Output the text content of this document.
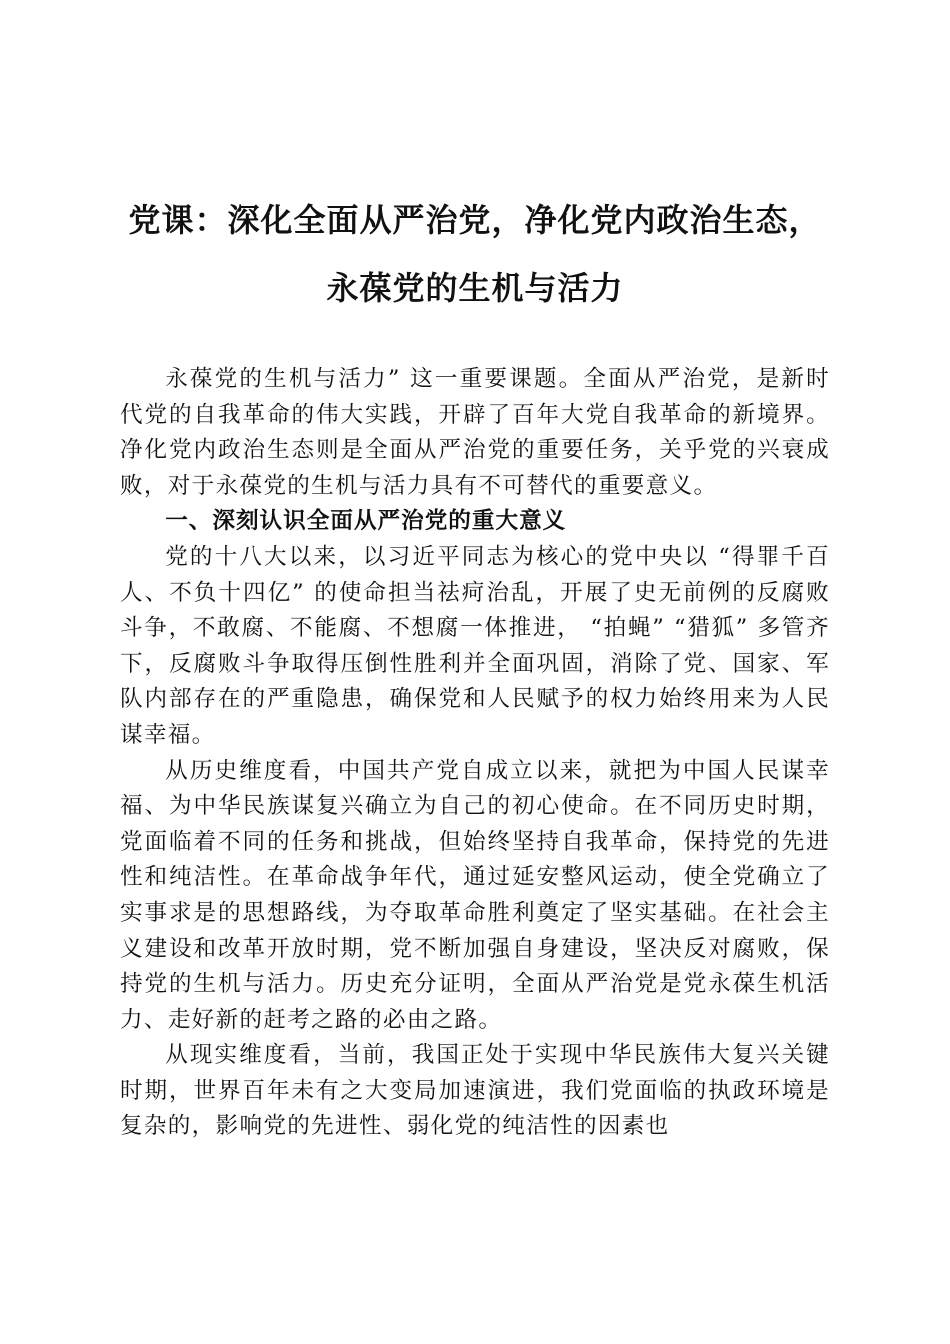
党课：深化全面从严治党，净化党内政治生态，
永葆党的生机与活力

永葆党的生机与活力” 这一重要课题。全面从严治党，是新时代党的自我革命的伟大实践，开辟了百年大党自我革命的新境界。净化党内政治生态则是全面从严治党的重要任务，关乎党的兴衰成败，对于永葆党的生机与活力具有不可替代的重要意义。

一、深刻认识全面从严治党的重大意义

党的十八大以来，以习近平同志为核心的党中央以 “得罪千百人、不负十四亿” 的使命担当祛疴治乱，开展了史无前例的反腐败斗争，不敢腐、不能腐、不想腐一体推进， “拍蝇” “猎狐” 多管齐下，反腐败斗争取得压倒性胜利并全面巩固，消除了党、国家、军队内部存在的严重隐患，确保党和人民赋予的权力始终用来为人民谋幸福。

从历史维度看，中国共产党自成立以来，就把为中国人民谋幸福、为中华民族谋复兴确立为自己的初心使命。在不同历史时期，党面临着不同的任务和挑战，但始终坚持自我革命，保持党的先进性和纯洁性。在革命战争年代，通过延安整风运动，使全党确立了实事求是的思想路线，为夺取革命胜利奠定了坚实基础。在社会主义建设和改革开放时期，党不断加强自身建设，坚决反对腐败，保持党的生机与活力。历史充分证明，全面从严治党是党永葆生机活力、走好新的赶考之路的必由之路。

从现实维度看，当前，我国正处于实现中华民族伟大复兴关键时期，世界百年未有之大变局加速演进，我们党面临的执政环境是复杂的，影响党的先进性、弱化党的纯洁性的因素也
